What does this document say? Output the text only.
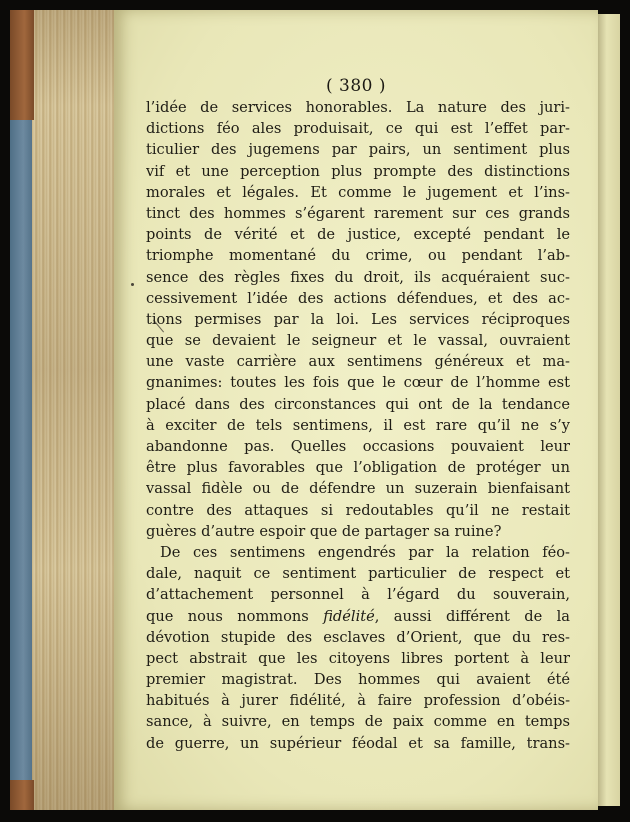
( 380 )
l’idée de services honorables. La nature des juri-
dictions féo ales produisait, ce qui est l’effet par-
ticulier des jugemens par pairs, un sentiment plus
vif et une perception plus prompte des distinctions
morales et légales. Et comme le jugement et l’ins-
tinct des hommes s’égarent rarement sur ces grands
points de vérité et de justice, excepté pendant le
triomphe momentané du crime, ou pendant l’ab-
sence des règles fixes du droit, ils acquéraient suc-
cessivement l’idée des actions défendues, et des ac-
tions permises par la loi. Les services réciproques
que se devaient le seigneur et le vassal, ouvraient
une vaste carrière aux sentimens généreux et ma-
gnanimes: toutes les fois que le cœur de l’homme est
placé dans des circonstances qui ont de la tendance
à exciter de tels sentimens, il est rare qu’il ne s’y
abandonne pas. Quelles occasions pouvaient leur
être plus favorables que l’obligation de protéger un
vassal fidèle ou de défendre un suzerain bienfaisant
contre des attaques si redoutables qu’il ne restait
guères d’autre espoir que de partager sa ruine?
De ces sentimens engendrés par la relation féo-
dale, naquit ce sentiment particulier de respect et
d’attachement personnel à l’égard du souverain,
que nous nommons fidélité, aussi différent de la
dévotion stupide des esclaves d’Orient, que du res-
pect abstrait que les citoyens libres portent à leur
premier magistrat. Des hommes qui avaient été
habitués à jurer fidélité, à faire profession d’obéis-
sance, à suivre, en temps de paix comme en temps
de guerre, un supérieur féodal et sa famille, trans-
